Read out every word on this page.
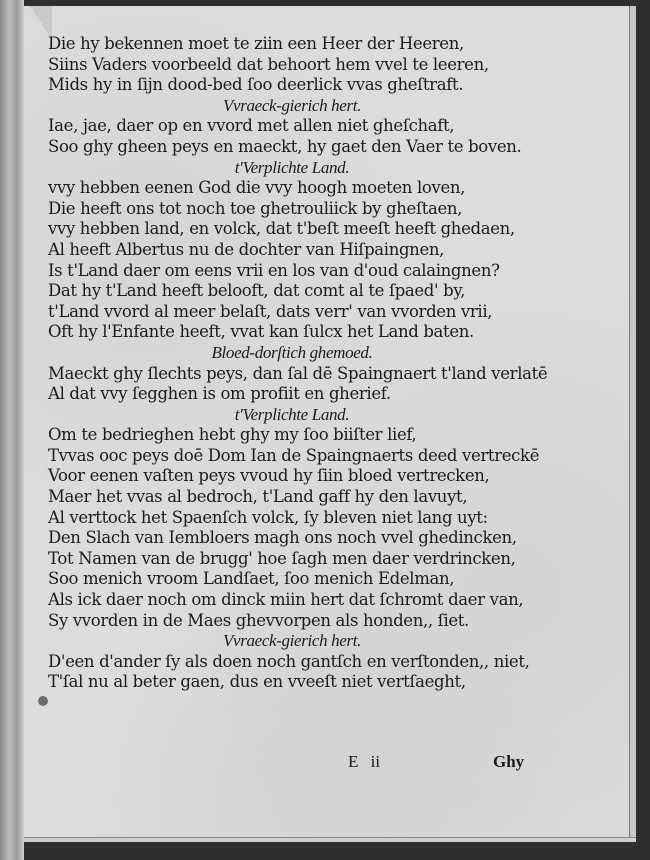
Die hy bekennen moet te ziin een Heer der Heeren,
Siins Vaders voorbeeld dat behoort hem vvel te leeren,
Mids hy in ſijn dood-bed ſoo deerlick vvas gheſtraft.
Vvraeck-gierich hert.
Iae, jae, daer op en vvord met allen niet gheſchaft,
Soo ghy gheen peys en maeckt, hy gaet den Vaer te boven.
t'Verplichte Land.
vvy hebben eenen God die vvy hoogh moeten loven,
Die heeft ons tot noch toe ghetrouliick by gheſtaen,
vvy hebben land, en volck, dat t'beſt meeſt heeft ghedaen,
Al heeft Albertus nu de dochter van Hiſpaingnen,
Is t'Land daer om eens vrii en los van d'oud calaingnen?
Dat hy t'Land heeft belooft, dat comt al te ſpaed' by,
t'Land vvord al meer belaſt, dats verr' van vvorden vrii,
Oft hy l'Enfante heeft, vvat kan ſulcx het Land baten.
Bloed-dorſtich ghemoed.
Maeckt ghy ſlechts peys, dan ſal dē Spaingnaert t'land verlatē
Al dat vvy ſegghen is om profiit en gherief.
t'Verplichte Land.
Om te bedrieghen hebt ghy my ſoo biiſter lief,
Tvvas ooc peys doē Dom Ian de Spaingnaerts deed vertreckē
Voor eenen vaſten peys vvoud hy ſiin bloed vertrecken,
Maer het vvas al bedroch, t'Land gaff hy den lavuyt,
Al verttock het Spaenſch volck, ſy bleven niet lang uyt:
Den Slach van Iembloers magh ons noch vvel ghedincken,
Tot Namen van de brugg' hoe ſagh men daer verdrincken,
Soo menich vroom Landſaet, ſoo menich Edelman,
Als ick daer noch om dinck miin hert dat ſchromt daer van,
Sy vvorden in de Maes ghevvorpen als honden,, ſiet.
Vvraeck-gierich hert.
D'een d'ander ſy als doen noch gantſch en verſtonden,, niet,
T'ſal nu al beter gaen, dus en vveeſt niet vertſaeght,
E ii	Ghy
